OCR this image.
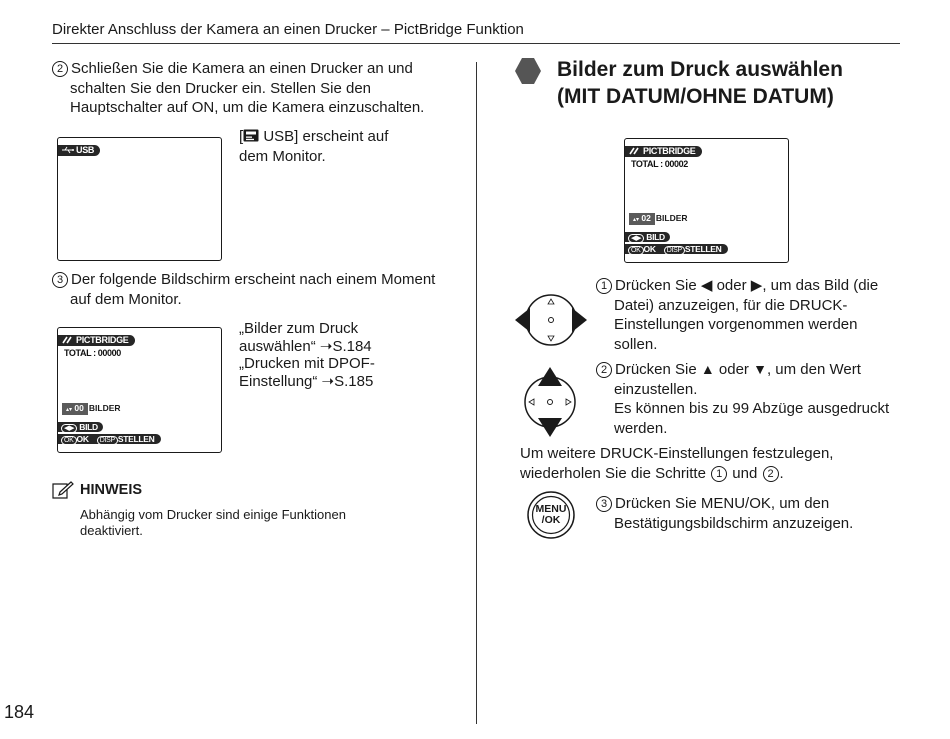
Direkter Anschluss der Kamera an einen Drucker – PictBridge Funktion
184
2 Schließen Sie die Kamera an einen Drucker an und
schalten Sie den Drucker ein. Stellen Sie den
Hauptschalter auf ON, um die Kamera einzuschalten.
USB
[ USB] erscheint auf
dem Monitor.
3 Der folgende Bildschirm erscheint nach einem Moment
auf dem Monitor.
PICTBRIDGE
TOTAL : 00000
▴▾ 00 BILDER
◀▶ BILD
OK OK DISP STELLEN
„Bilder zum Druck
auswählen“ ➝S.184
„Drucken mit DPOF-
Einstellung“ ➝S.185
HINWEIS
Abhängig vom Drucker sind einige Funktionen
deaktiviert.
Bilder zum Druck auswählen
(MIT DATUM/OHNE DATUM)
PICTBRIDGE
TOTAL : 00002
▴▾ 02 BILDER
◀▶ BILD
OK OK DISP STELLEN
1 Drücken Sie ◀ oder ▶, um das Bild (die
Datei) anzuzeigen, für die DRUCK-
Einstellungen vorgenommen werden
sollen.
2 Drücken Sie ▲ oder ▼, um den Wert
einzustellen.
Es können bis zu 99 Abzüge ausgedruckt
werden.
Um weitere DRUCK-Einstellungen festzulegen,
wiederholen Sie die Schritte 1 und 2 .
MENU
/OK
3 Drücken Sie MENU/OK, um den
Bestätigungsbildschirm anzuzeigen.
